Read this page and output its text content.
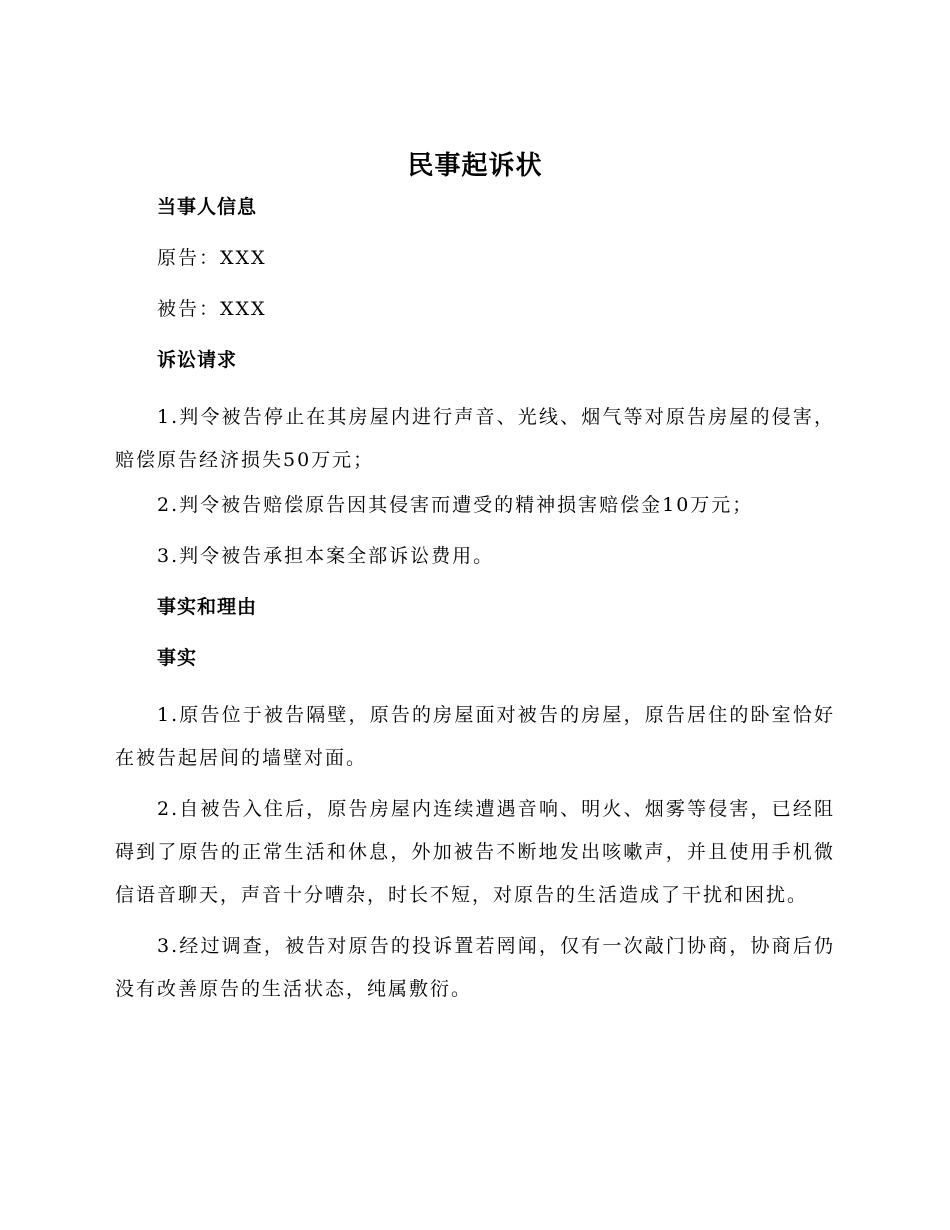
民事起诉状
当事人信息
原告：XXX
被告：XXX
诉讼请求
1.判令被告停止在其房屋内进行声音、光线、烟气等对原告房屋的侵害，赔偿原告经济损失50万元；
2.判令被告赔偿原告因其侵害而遭受的精神损害赔偿金10万元；
3.判令被告承担本案全部诉讼费用。
事实和理由
事实
1.原告位于被告隔壁，原告的房屋面对被告的房屋，原告居住的卧室恰好在被告起居间的墙壁对面。
2.自被告入住后，原告房屋内连续遭遇音响、明火、烟雾等侵害，已经阻碍到了原告的正常生活和休息，外加被告不断地发出咳嗽声，并且使用手机微信语音聊天，声音十分嘈杂，时长不短，对原告的生活造成了干扰和困扰。
3.经过调查，被告对原告的投诉置若罔闻，仅有一次敲门协商，协商后仍没有改善原告的生活状态，纯属敷衍。
